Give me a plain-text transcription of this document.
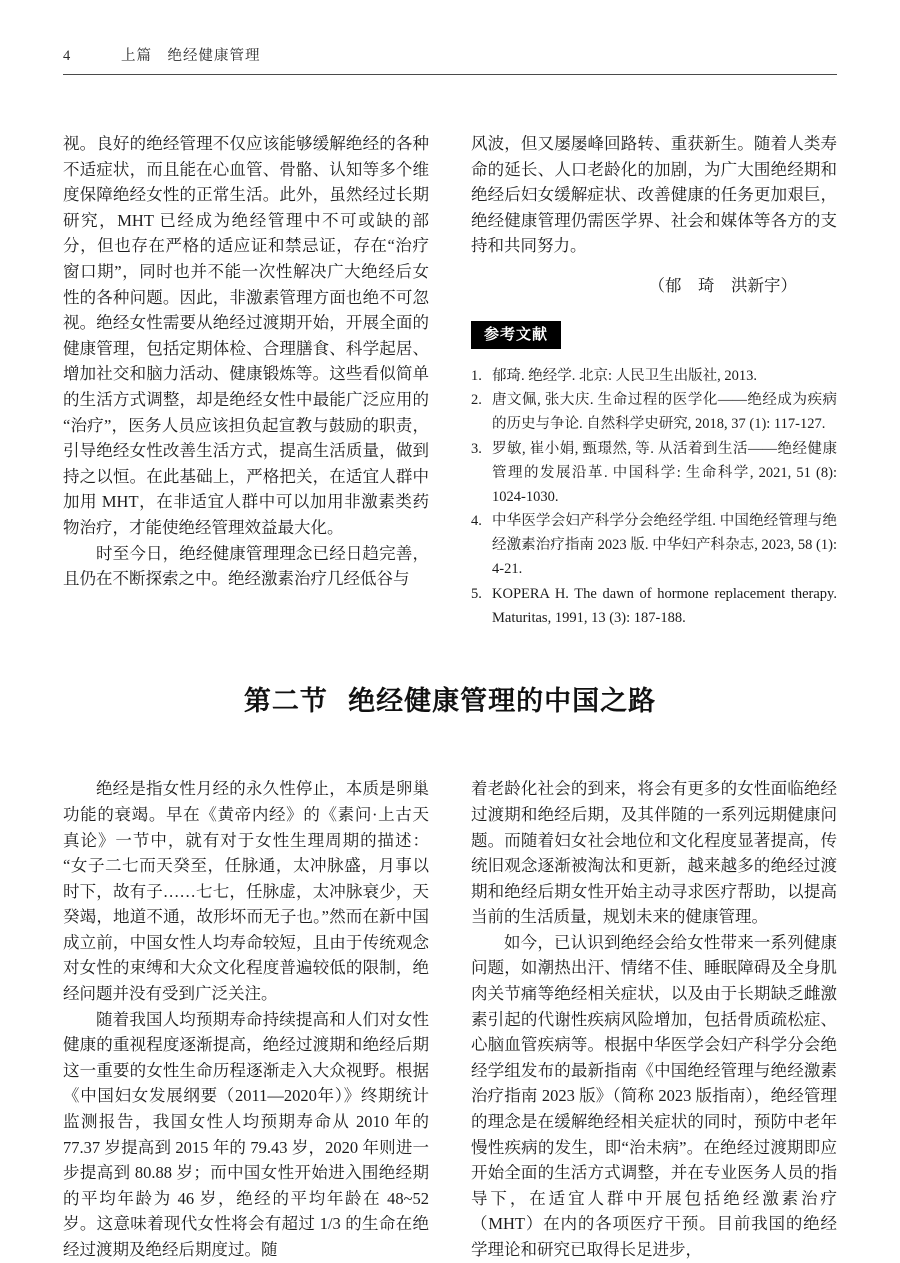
4	上篇　绝经健康管理

视。良好的绝经管理不仅应该能够缓解绝经的各种不适症状，而且能在心血管、骨骼、认知等多个维度保障绝经女性的正常生活。此外，虽然经过长期研究，MHT 已经成为绝经管理中不可或缺的部分，但也存在严格的适应证和禁忌证，存在“治疗窗口期”，同时也并不能一次性解决广大绝经后女性的各种问题。因此，非激素管理方面也绝不可忽视。绝经女性需要从绝经过渡期开始，开展全面的健康管理，包括定期体检、合理膳食、科学起居、增加社交和脑力活动、健康锻炼等。这些看似简单的生活方式调整，却是绝经女性中最能广泛应用的“治疗”，医务人员应该担负起宣教与鼓励的职责，引导绝经女性改善生活方式，提高生活质量，做到持之以恒。在此基础上，严格把关，在适宜人群中加用 MHT，在非适宜人群中可以加用非激素类药物治疗，才能使绝经管理效益最大化。

时至今日，绝经健康管理理念已经日趋完善，且仍在不断探索之中。绝经激素治疗几经低谷与

风波，但又屡屡峰回路转、重获新生。随着人类寿命的延长、人口老龄化的加剧，为广大围绝经期和绝经后妇女缓解症状、改善健康的任务更加艰巨，绝经健康管理仍需医学界、社会和媒体等各方的支持和共同努力。

（郁　琦　洪新宇）

参考文献
1. 郁琦. 绝经学. 北京: 人民卫生出版社, 2013.
2. 唐文佩, 张大庆. 生命过程的医学化——绝经成为疾病的历史与争论. 自然科学史研究, 2018, 37 (1): 117-127.
3. 罗敏, 崔小娟, 甄璟然, 等. 从活着到生活——绝经健康管理的发展沿革. 中国科学: 生命科学, 2021, 51 (8): 1024-1030.
4. 中华医学会妇产科学分会绝经学组. 中国绝经管理与绝经激素治疗指南 2023 版. 中华妇产科杂志, 2023, 58 (1): 4-21.
5. KOPERA H. The dawn of hormone replacement therapy. Maturitas, 1991, 13 (3): 187-188.
第二节 绝经健康管理的中国之路

绝经是指女性月经的永久性停止，本质是卵巢功能的衰竭。早在《黄帝内经》的《素问·上古天真论》一节中，就有对于女性生理周期的描述：“女子二七而天癸至，任脉通，太冲脉盛，月事以时下，故有子……七七，任脉虚，太冲脉衰少，天癸竭，地道不通，故形坏而无子也。”然而在新中国成立前，中国女性人均寿命较短，且由于传统观念对女性的束缚和大众文化程度普遍较低的限制，绝经问题并没有受到广泛关注。

随着我国人均预期寿命持续提高和人们对女性健康的重视程度逐渐提高，绝经过渡期和绝经后期这一重要的女性生命历程逐渐走入大众视野。根据《中国妇女发展纲要（2011—2020年）》终期统计监测报告，我国女性人均预期寿命从 2010 年的 77.37 岁提高到 2015 年的 79.43 岁，2020 年则进一步提高到 80.88 岁；而中国女性开始进入围绝经期的平均年龄为 46 岁，绝经的平均年龄在 48~52 岁。这意味着现代女性将会有超过 1/3 的生命在绝经过渡期及绝经后期度过。随

着老龄化社会的到来，将会有更多的女性面临绝经过渡期和绝经后期，及其伴随的一系列远期健康问题。而随着妇女社会地位和文化程度显著提高，传统旧观念逐渐被淘汰和更新，越来越多的绝经过渡期和绝经后期女性开始主动寻求医疗帮助，以提高当前的生活质量，规划未来的健康管理。

如今，已认识到绝经会给女性带来一系列健康问题，如潮热出汗、情绪不佳、睡眠障碍及全身肌肉关节痛等绝经相关症状，以及由于长期缺乏雌激素引起的代谢性疾病风险增加，包括骨质疏松症、心脑血管疾病等。根据中华医学会妇产科学分会绝经学组发布的最新指南《中国绝经管理与绝经激素治疗指南 2023 版》（简称 2023 版指南），绝经管理的理念是在缓解绝经相关症状的同时，预防中老年慢性疾病的发生，即“治未病”。在绝经过渡期即应开始全面的生活方式调整，并在专业医务人员的指导下，在适宜人群中开展包括绝经激素治疗（MHT）在内的各项医疗干预。目前我国的绝经学理论和研究已取得长足进步，
